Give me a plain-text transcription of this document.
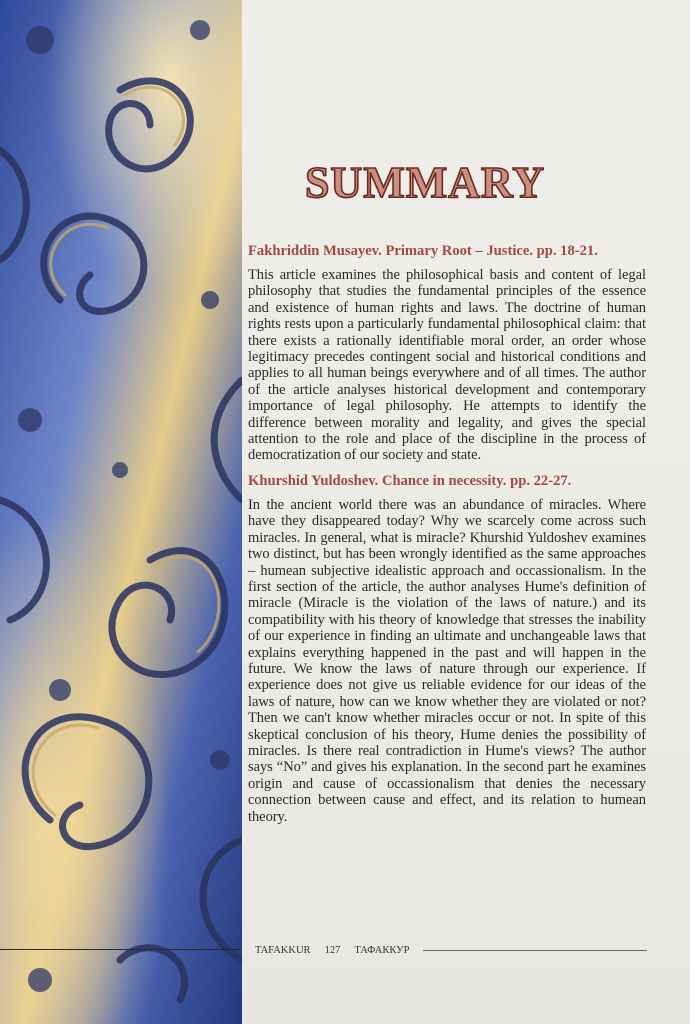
SUMMARY
Fakhriddin Musayev. Primary Root – Justice. pp. 18-21.
This article examines the philosophical basis and content of legal philosophy that studies the fundamental principles of the essence and existence of human rights and laws. The doctrine of human rights rests upon a particularly fundamental philosophical claim: that there exists a rationally identifiable moral order, an order whose legitimacy precedes contingent social and historical conditions and applies to all human beings everywhere and of all times. The author of the article analyses historical development and contemporary importance of legal philosophy. He attempts to identify the difference between morality and legality, and gives the special attention to the role and place of the discipline in the process of democratization of our society and state.
Khurshid Yuldoshev. Chance in necessity. pp. 22-27.
In the ancient world there was an abundance of miracles. Where have they disappeared today? Why we scarcely come across such miracles. In general, what is miracle? Khurshid Yuldoshev examines two distinct, but has been wrongly identified as the same approaches – humean subjective idealistic approach and occassionalism. In the first section of the article, the author analyses Hume's definition of miracle (Miracle is the violation of the laws of nature.) and its compatibility with his theory of knowledge that stresses the inability of our experience in finding an ultimate and unchangeable laws that explains everything happened in the past and will happen in the future. We know the laws of nature through our experience. If experience does not give us reliable evidence for our ideas of the laws of nature, how can we know whether they are violated or not? Then we can't know whether miracles occur or not. In spite of this skeptical conclusion of his theory, Hume denies the possibility of miracles. Is there real contradiction in Hume's views? The author says “No” and gives his explanation. In the second part he examines origin and cause of occassionalism that denies the necessary connection between cause and effect, and its relation to humean theory.
TAFAKKUR 127 ТАФАККУР
